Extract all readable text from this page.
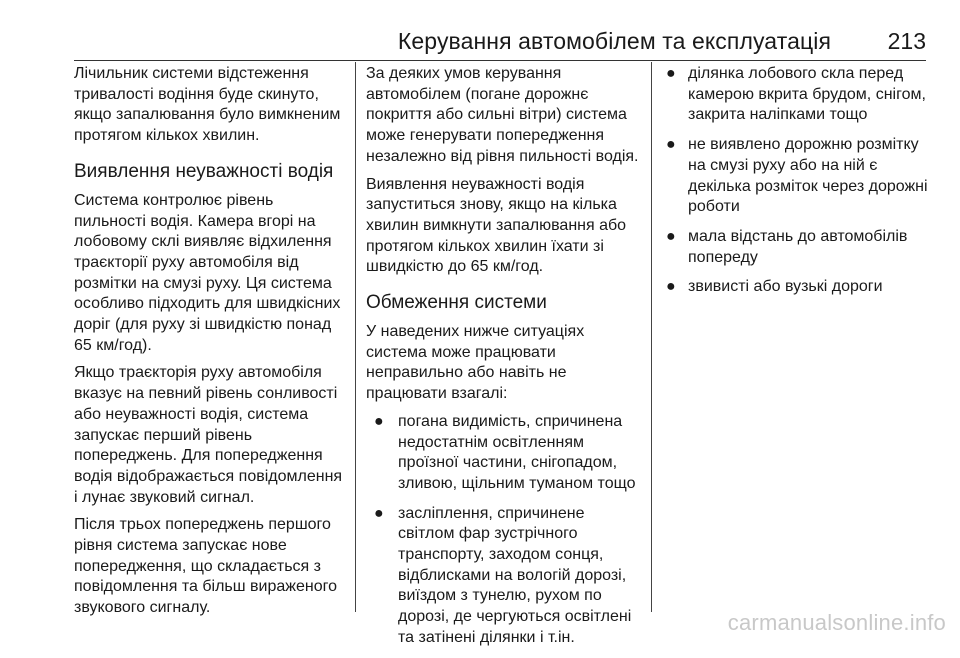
Керування автомобілем та експлуатація 213

Лічильник системи відстеження тривалості водіння буде скинуто, якщо запалювання було вимкненим протягом кількох хвилин.

Виявлення неуважності водія

Система контролює рівень пильності водія. Камера вгорі на лобовому склі виявляє відхилення траєкторії руху автомобіля від розмітки на смузі руху. Ця система особливо підходить для швидкісних доріг (для руху зі швидкістю понад 65 км/год).

Якщо траєкторія руху автомобіля вказує на певний рівень сонливості або неуважності водія, система запускає перший рівень попереджень. Для попередження водія відображається повідомлення і лунає звуковий сигнал.

Після трьох попереджень першого рівня система запускає нове попередження, що складається з повідомлення та більш вираженого звукового сигналу.

За деяких умов керування автомобілем (погане дорожнє покриття або сильні вітри) система може генерувати попередження незалежно від рівня пильності водія.

Виявлення неуважності водія запуститься знову, якщо на кілька хвилин вимкнути запалювання або протягом кількох хвилин їхати зі швидкістю до 65 км/год.

Обмеження системи

У наведених нижче ситуаціях система може працювати неправильно або навіть не працювати взагалі:

● погана видимість, спричинена недостатнім освітленням проїзної частини, снігопадом, зливою, щільним туманом тощо
● засліплення, спричинене світлом фар зустрічного транспорту, заходом сонця, відблисками на вологій дорозі, виїздом з тунелю, рухом по дорозі, де чергуються освітлені та затінені ділянки і т.ін.
● ділянка лобового скла перед камерою вкрита брудом, снігом, закрита наліпками тощо
● не виявлено дорожню розмітку на смузі руху або на ній є декілька розміток через дорожні роботи
● мала відстань до автомобілів попереду
● звивисті або вузькі дороги
carmanualsonline.info
